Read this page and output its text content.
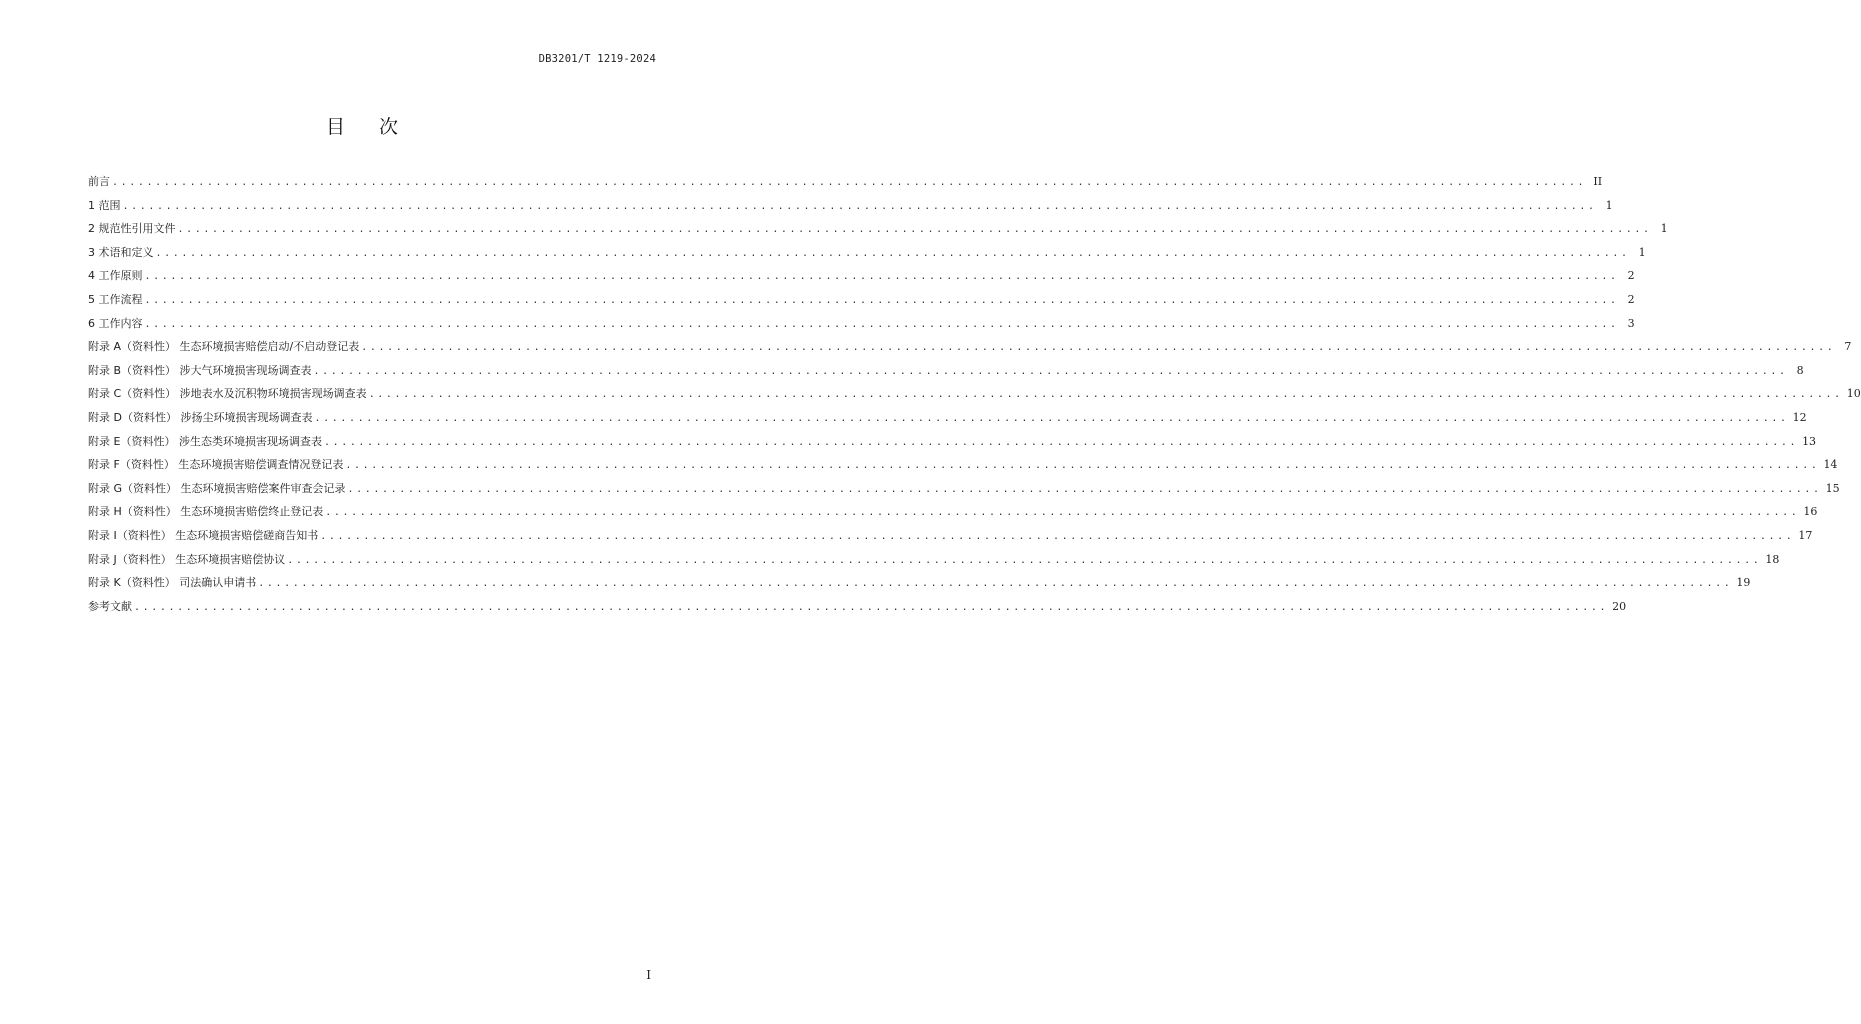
DB3201/T 1219-2024
目次
前言 ........................................................................................................................................................................... II
1 范围 ........................................................................................................................................................................... 1
2 规范性引用文件 ........................................................................................................................................................................... 1
3 术语和定义 ........................................................................................................................................................................... 1
4 工作原则 ........................................................................................................................................................................... 2
5 工作流程 ........................................................................................................................................................................... 2
6 工作内容 ........................................................................................................................................................................... 3
附录 A（资料性） 生态环境损害赔偿启动/不启动登记表 ........................................................................................................................................................................... 7
附录 B（资料性） 涉大气环境损害现场调查表 ........................................................................................................................................................................... 8
附录 C（资料性） 涉地表水及沉积物环境损害现场调查表 ........................................................................................................................................................................... 10
附录 D（资料性） 涉扬尘环境损害现场调查表 ........................................................................................................................................................................... 12
附录 E（资料性） 涉生态类环境损害现场调查表 ........................................................................................................................................................................... 13
附录 F（资料性） 生态环境损害赔偿调查情况登记表 ........................................................................................................................................................................... 14
附录 G（资料性） 生态环境损害赔偿案件审查会记录 ........................................................................................................................................................................... 15
附录 H（资料性） 生态环境损害赔偿终止登记表 ........................................................................................................................................................................... 16
附录 I（资料性） 生态环境损害赔偿磋商告知书 ........................................................................................................................................................................... 17
附录 J（资料性） 生态环境损害赔偿协议 ........................................................................................................................................................................... 18
附录 K（资料性） 司法确认申请书 ........................................................................................................................................................................... 19
参考文献 ........................................................................................................................................................................... 20
I
